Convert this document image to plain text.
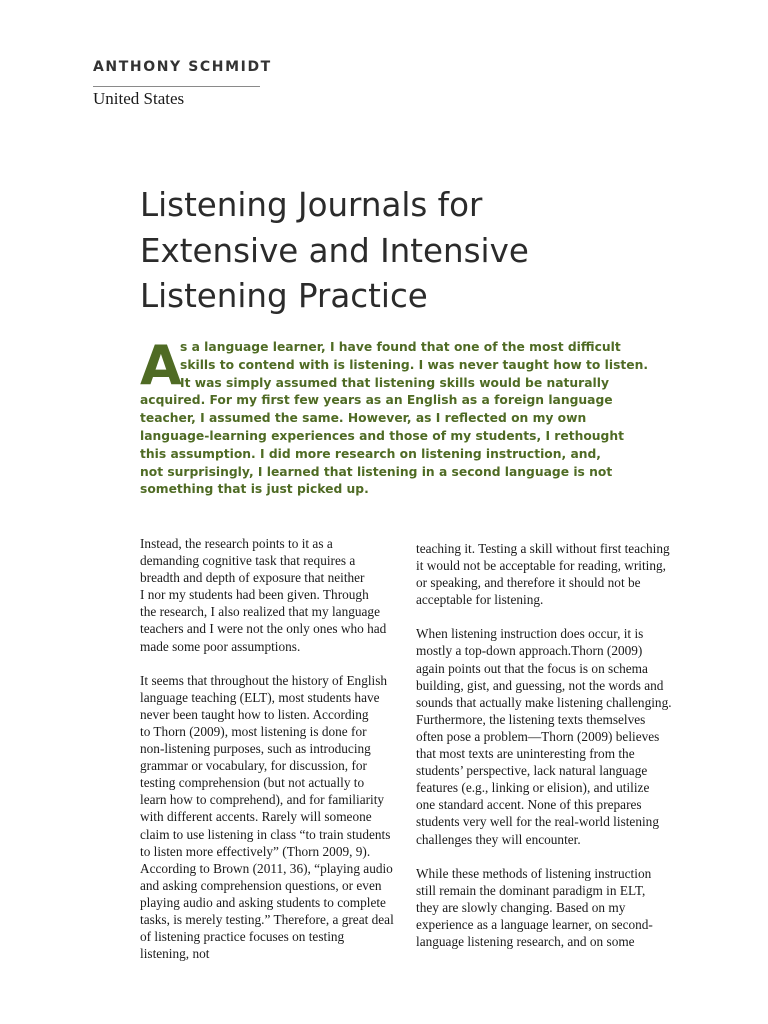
ANTHONY SCHMIDT
United States
Listening Journals for
Extensive and Intensive
Listening Practice
A
s a language learner, I have found that one of the most difficult
skills to contend with is listening. I was never taught how to listen.
It was simply assumed that listening skills would be naturally
acquired. For my first few years as an English as a foreign language
teacher, I assumed the same. However, as I reflected on my own
language-learning experiences and those of my students, I rethought
this assumption. I did more research on listening instruction, and,
not surprisingly, I learned that listening in a second language is not
something that is just picked up.

Instead, the research points to it as a
demanding cognitive task that requires a
breadth and depth of exposure that neither
I nor my students had been given. Through
the research, I also realized that my language
teachers and I were not the only ones who had
made some poor assumptions.

It seems that throughout the history of English
language teaching (ELT), most students have
never been taught how to listen. According
to Thorn (2009), most listening is done for
non-listening purposes, such as introducing
grammar or vocabulary, for discussion, for
testing comprehension (but not actually to
learn how to comprehend), and for familiarity
with different accents. Rarely will someone
claim to use listening in class “to train students
to listen more effectively” (Thorn 2009, 9).
According to Brown (2011, 36), “playing audio
and asking comprehension questions, or even
playing audio and asking students to complete
tasks, is merely testing.” Therefore, a great deal
of listening practice focuses on testing
listening, not

teaching it. Testing a skill without first teaching
it would not be acceptable for reading, writing,
or speaking, and therefore it should not be
acceptable for listening.

When listening instruction does occur, it is
mostly a top-down approach.Thorn (2009)
again points out that the focus is on schema
building, gist, and guessing, not the words and
sounds that actually make listening challenging.
Furthermore, the listening texts themselves
often pose a problem—Thorn (2009) believes
that most texts are uninteresting from the
students’ perspective, lack natural language
features (e.g., linking or elision), and utilize
one standard accent. None of this prepares
students very well for the real-world listening
challenges they will encounter.

While these methods of listening instruction
still remain the dominant paradigm in ELT,
they are slowly changing. Based on my
experience as a language learner, on second-
language listening research, and on some
